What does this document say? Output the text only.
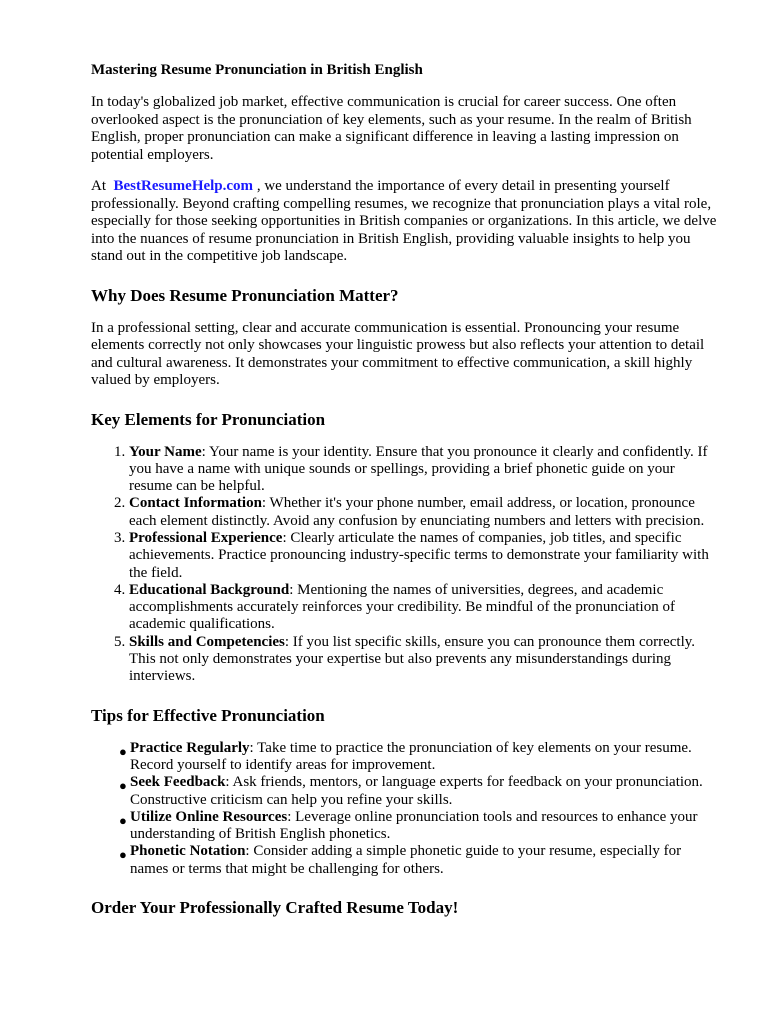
Mastering Resume Pronunciation in British English

In today's globalized job market, effective communication is crucial for career success. One often overlooked aspect is the pronunciation of key elements, such as your resume. In the realm of British English, proper pronunciation can make a significant difference in leaving a lasting impression on potential employers.

At BestResumeHelp.com , we understand the importance of every detail in presenting yourself professionally. Beyond crafting compelling resumes, we recognize that pronunciation plays a vital role, especially for those seeking opportunities in British companies or organizations. In this article, we delve into the nuances of resume pronunciation in British English, providing valuable insights to help you stand out in the competitive job landscape.

Why Does Resume Pronunciation Matter?

In a professional setting, clear and accurate communication is essential. Pronouncing your resume elements correctly not only showcases your linguistic prowess but also reflects your attention to detail and cultural awareness. It demonstrates your commitment to effective communication, a skill highly valued by employers.

Key Elements for Pronunciation
1. Your Name: Your name is your identity. Ensure that you pronounce it clearly and confidently. If you have a name with unique sounds or spellings, providing a brief phonetic guide on your resume can be helpful.
2. Contact Information: Whether it's your phone number, email address, or location, pronounce each element distinctly. Avoid any confusion by enunciating numbers and letters with precision.
3. Professional Experience: Clearly articulate the names of companies, job titles, and specific achievements. Practice pronouncing industry-specific terms to demonstrate your familiarity with the field.
4. Educational Background: Mentioning the names of universities, degrees, and academic accomplishments accurately reinforces your credibility. Be mindful of the pronunciation of academic qualifications.
5. Skills and Competencies: If you list specific skills, ensure you can pronounce them correctly. This not only demonstrates your expertise but also prevents any misunderstandings during interviews.
Tips for Effective Pronunciation
● Practice Regularly: Take time to practice the pronunciation of key elements on your resume. Record yourself to identify areas for improvement.
● Seek Feedback: Ask friends, mentors, or language experts for feedback on your pronunciation. Constructive criticism can help you refine your skills.
● Utilize Online Resources: Leverage online pronunciation tools and resources to enhance your understanding of British English phonetics.
● Phonetic Notation: Consider adding a simple phonetic guide to your resume, especially for names or terms that might be challenging for others.
Order Your Professionally Crafted Resume Today!
